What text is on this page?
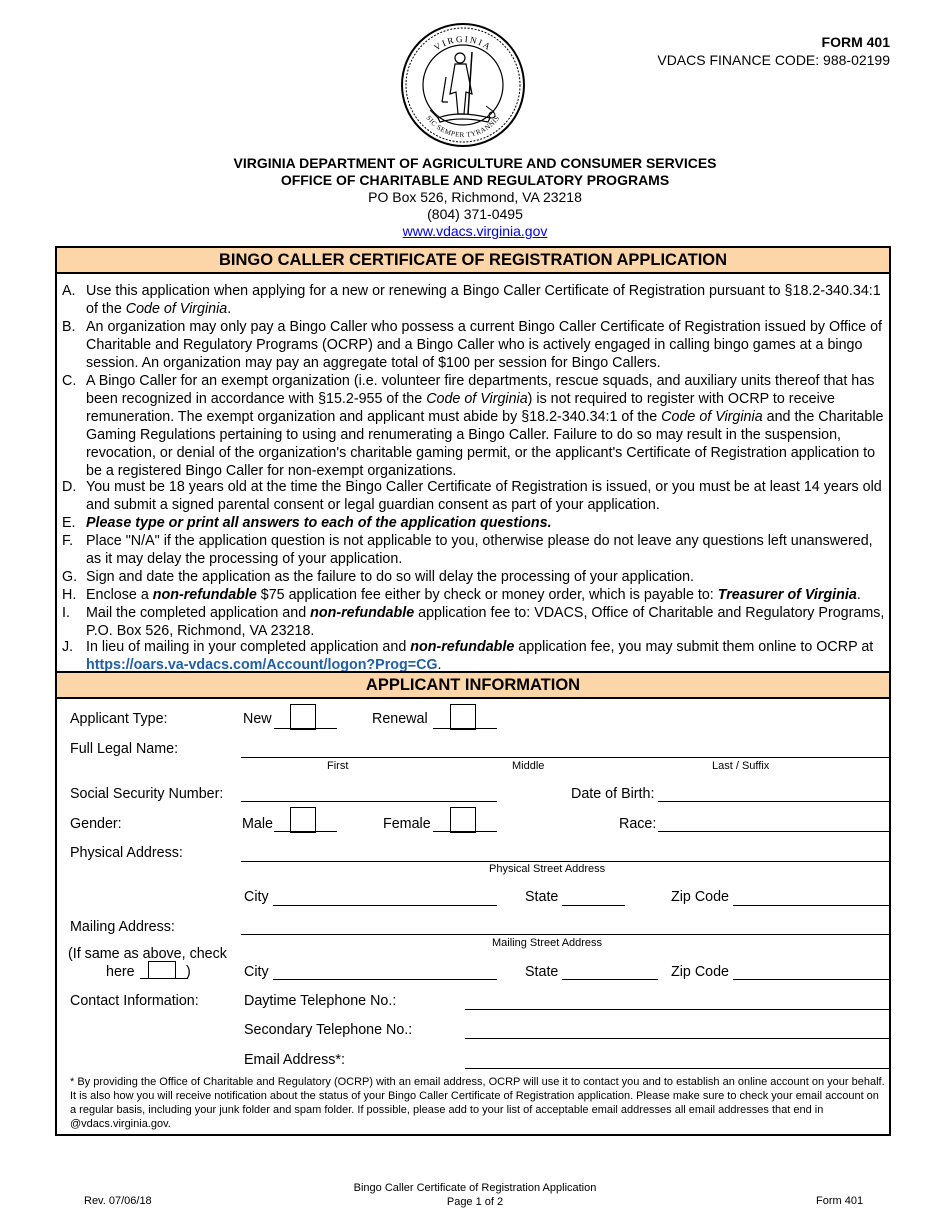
VIRGINIA
SIC SEMPER TYRANNIS
FORM 401
VDACS FINANCE CODE: 988-02199
VIRGINIA DEPARTMENT OF AGRICULTURE AND CONSUMER SERVICES
OFFICE OF CHARITABLE AND REGULATORY PROGRAMS
PO Box 526, Richmond, VA 23218
(804) 371-0495
www.vdacs.virginia.gov
BINGO CALLER CERTIFICATE OF REGISTRATION APPLICATION
A. Use this application when applying for a new or renewing a Bingo Caller Certificate of Registration pursuant to §18.2-340.34:1 of the Code of Virginia.
B. An organization may only pay a Bingo Caller who possess a current Bingo Caller Certificate of Registration issued by Office of Charitable and Regulatory Programs (OCRP) and a Bingo Caller who is actively engaged in calling bingo games at a bingo session. An organization may pay an aggregate total of $100 per session for Bingo Callers.
C. A Bingo Caller for an exempt organization (i.e. volunteer fire departments, rescue squads, and auxiliary units thereof that has been recognized in accordance with §15.2-955 of the Code of Virginia) is not required to register with OCRP to receive remuneration. The exempt organization and applicant must abide by §18.2-340.34:1 of the Code of Virginia and the Charitable Gaming Regulations pertaining to using and renumerating a Bingo Caller. Failure to do so may result in the suspension, revocation, or denial of the organization's charitable gaming permit, or the applicant's Certificate of Registration application to be a registered Bingo Caller for non-exempt organizations.
D. You must be 18 years old at the time the Bingo Caller Certificate of Registration is issued, or you must be at least 14 years old and submit a signed parental consent or legal guardian consent as part of your application.
E. Please type or print all answers to each of the application questions.
F. Place "N/A" if the application question is not applicable to you, otherwise please do not leave any questions left unanswered, as it may delay the processing of your application.
G. Sign and date the application as the failure to do so will delay the processing of your application.
H. Enclose a non-refundable $75 application fee either by check or money order, which is payable to: Treasurer of Virginia.
I. Mail the completed application and non-refundable application fee to: VDACS, Office of Charitable and Regulatory Programs, P.O. Box 526, Richmond, VA 23218.
J. In lieu of mailing in your completed application and non-refundable application fee, you may submit them online to OCRP at https://oars.va-vdacs.com/Account/logon?Prog=CG.
APPLICANT INFORMATION
Applicant Type:	New	Renewal
Full Legal Name:
First	Middle	Last / Suffix
Social Security Number:	Date of Birth:
Gender:	Male	Female	Race:
Physical Address:
Physical Street Address
City	State	Zip Code
Mailing Address:
Mailing Street Address
(If same as above, check
here	)	City	State	Zip Code
Contact Information:	Daytime Telephone No.:
Secondary Telephone No.:
Email Address*:
* By providing the Office of Charitable and Regulatory (OCRP) with an email address, OCRP will use it to contact you and to establish an online account on your behalf. It is also how you will receive notification about the status of your Bingo Caller Certificate of Registration application. Please make sure to check your email account on a regular basis, including your junk folder and spam folder. If possible, please add to your list of acceptable email addresses all email addresses that end in @vdacs.virginia.gov.
Rev. 07/06/18
Bingo Caller Certificate of Registration Application
Page 1 of 2	Form 401
